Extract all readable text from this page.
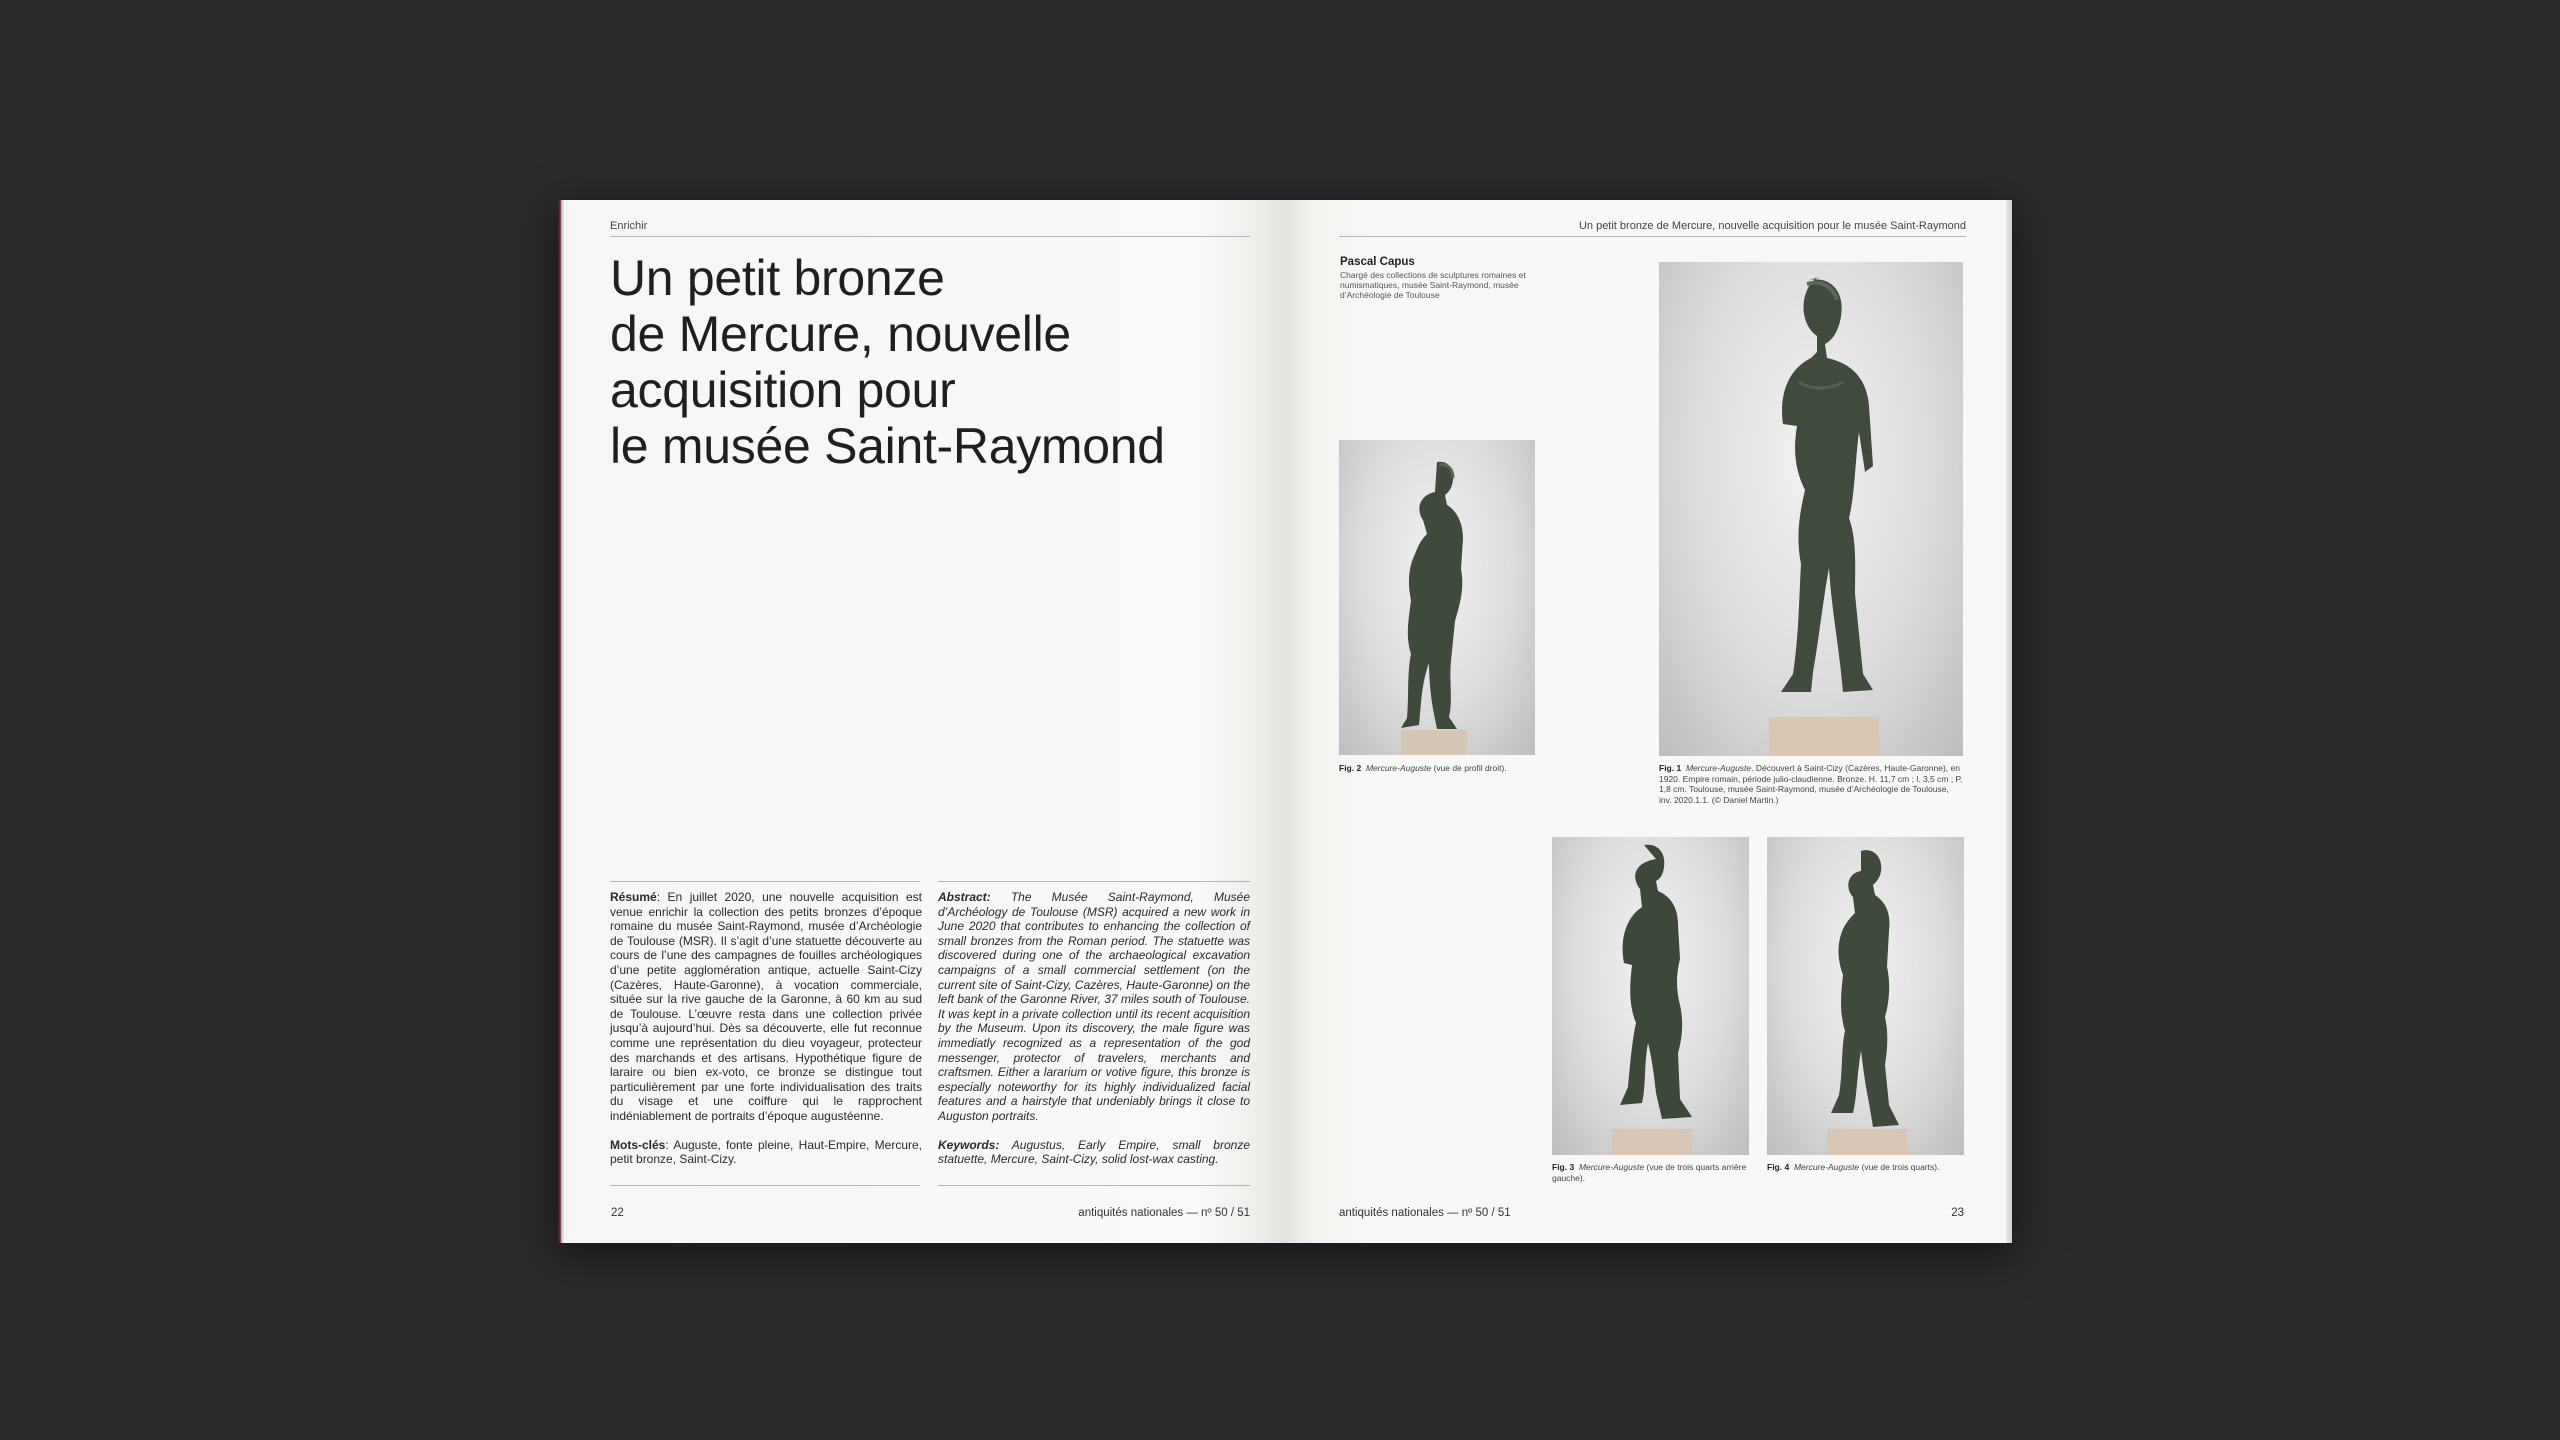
Enrichir
Un petit bronze
de Mercure, nouvelle
acquisition pour
le musée Saint-Raymond

Résumé: En juillet 2020, une nouvelle acquisition est venue enrichir la collection des petits bronzes d’époque romaine du musée Saint-Raymond, musée d’Archéologie de Toulouse (MSR). Il s’agit d’une statuette découverte au cours de l’une des campagnes de fouilles archéologiques d’une petite agglomération antique, actuelle Saint-Cizy (Cazères, Haute-Garonne), à vocation commerciale, située sur la rive gauche de la Garonne, à 60 km au sud de Toulouse. L’œuvre resta dans une collection privée jusqu’à aujourd’hui. Dès sa découverte, elle fut reconnue comme une représentation du dieu voyageur, protecteur des marchands et des artisans. Hypothétique figure de laraire ou bien ex-voto, ce bronze se distingue tout particulièrement par une forte individualisation des traits du visage et une coiffure qui le rapprochent indéniablement de portraits d’époque augustéenne.

Mots-clés: Auguste, fonte pleine, Haut-Empire, Mercure, petit bronze, Saint-Cizy.

Abstract: The Musée Saint-Raymond, Musée d’Archéology de Toulouse (MSR) acquired a new work in June 2020 that contributes to enhancing the collection of small bronzes from the Roman period. The statuette was discovered during one of the archaeological excavation campaigns of a small commercial settlement (on the current site of Saint-Cizy, Cazères, Haute-Garonne) on the left bank of the Garonne River, 37 miles south of Toulouse. It was kept in a private collection until its recent acquisition by the Museum. Upon its discovery, the male figure was immediatly recognized as a representation of the god messenger, protector of travelers, merchants and craftsmen. Either a lararium or votive figure, this bronze is especially noteworthy for its highly individualized facial features and a hairstyle that undeniably brings it close to Auguston portraits.

Keywords: Augustus, Early Empire, small bronze statuette, Mercure, Saint-Cizy, solid lost-wax casting.

22	antiquités nationales — nº 50 / 51
Un petit bronze de Mercure, nouvelle acquisition pour le musée Saint-Raymond
Pascal Capus
Chargé des collections de sculptures romaines et numismatiques, musée Saint-Raymond, musée d’Archéologie de Toulouse
Fig. 2 Mercure-Auguste (vue de profil droit).	Fig. 1 Mercure-Auguste. Découvert à Saint-Cizy (Cazères, Haute-Garonne), en 1920. Empire romain, période julio-claudienne. Bronze. H. 11,7 cm ; l. 3,5 cm ; P. 1,8 cm. Toulouse, musée Saint-Raymond, musée d’Archéologie de Toulouse, inv. 2020.1.1. (© Daniel Martin.)
Fig. 3 Mercure-Auguste (vue de trois quarts arrière gauche).
Fig. 4 Mercure-Auguste (vue de trois quarts).
antiquités nationales — nº 50 / 51	23
